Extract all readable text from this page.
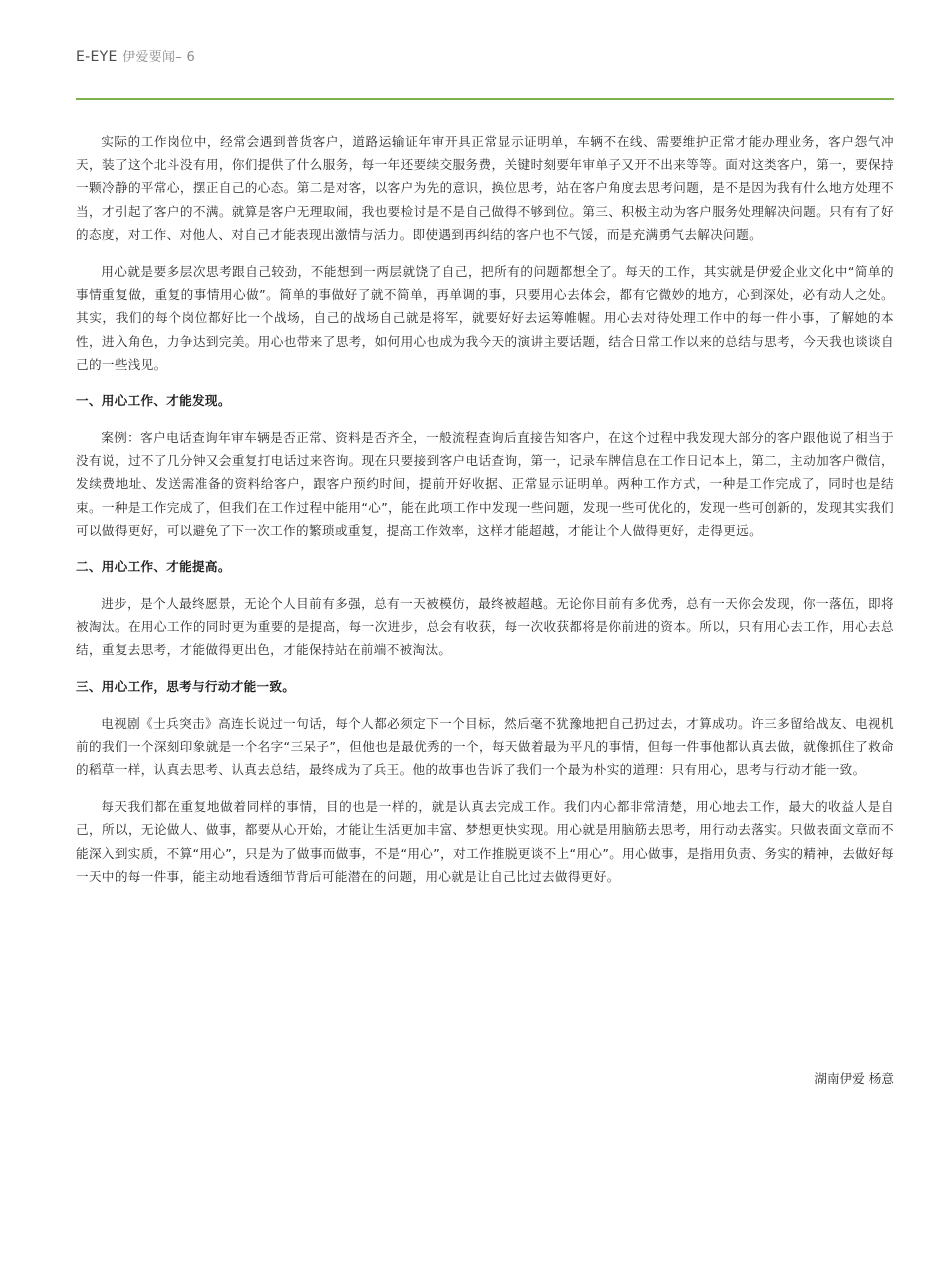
E-EYE 伊爱要闻– 6

实际的工作岗位中，经常会遇到普货客户，道路运输证年审开具正常显示证明单，车辆不在线、需要维护正常才能办理业务，客户怨气冲天，装了这个北斗没有用，你们提供了什么服务，每一年还要续交服务费，关键时刻要年审单子又开不出来等等。面对这类客户，第一，要保持一颗冷静的平常心，摆正自己的心态。第二是对客，以客户为先的意识，换位思考，站在客户角度去思考问题，是不是因为我有什么地方处理不当，才引起了客户的不满。就算是客户无理取闹，我也要检讨是不是自己做得不够到位。第三、积极主动为客户服务处理解决问题。只有有了好的态度，对工作、对他人、对自己才能表现出激情与活力。即使遇到再纠结的客户也不气馁，而是充满勇气去解决问题。

用心就是要多层次思考跟自己较劲，不能想到一两层就饶了自己，把所有的问题都想全了。每天的工作，其实就是伊爱企业文化中“简单的事情重复做，重复的事情用心做”。简单的事做好了就不简单，再单调的事，只要用心去体会，都有它微妙的地方，心到深处，必有动人之处。其实，我们的每个岗位都好比一个战场，自己的战场自己就是将军，就要好好去运筹帷幄。用心去对待处理工作中的每一件小事，了解她的本性，进入角色，力争达到完美。用心也带来了思考，如何用心也成为我今天的演讲主要话题，结合日常工作以来的总结与思考，今天我也谈谈自己的一些浅见。

一、用心工作、才能发现。

案例：客户电话查询年审车辆是否正常、资料是否齐全，一般流程查询后直接告知客户，在这个过程中我发现大部分的客户跟他说了相当于没有说，过不了几分钟又会重复打电话过来咨询。现在只要接到客户电话查询，第一，记录车牌信息在工作日记本上，第二，主动加客户微信，发续费地址、发送需准备的资料给客户，跟客户预约时间，提前开好收据、正常显示证明单。两种工作方式，一种是工作完成了，同时也是结束。一种是工作完成了，但我们在工作过程中能用“心”，能在此项工作中发现一些问题，发现一些可优化的，发现一些可创新的，发现其实我们可以做得更好，可以避免了下一次工作的繁琐或重复，提高工作效率，这样才能超越，才能让个人做得更好，走得更远。

二、用心工作、才能提高。

进步，是个人最终愿景，无论个人目前有多强，总有一天被模仿，最终被超越。无论你目前有多优秀，总有一天你会发现，你一落伍，即将被淘汰。在用心工作的同时更为重要的是提高，每一次进步，总会有收获，每一次收获都将是你前进的资本。所以，只有用心去工作，用心去总结，重复去思考，才能做得更出色，才能保持站在前端不被淘汰。

三、用心工作，思考与行动才能一致。

电视剧《士兵突击》高连长说过一句话，每个人都必须定下一个目标，然后毫不犹豫地把自己扔过去，才算成功。许三多留给战友、电视机前的我们一个深刻印象就是一个名字“三呆子”，但他也是最优秀的一个，每天做着最为平凡的事情，但每一件事他都认真去做，就像抓住了救命的稻草一样，认真去思考、认真去总结，最终成为了兵王。他的故事也告诉了我们一个最为朴实的道理：只有用心，思考与行动才能一致。

每天我们都在重复地做着同样的事情，目的也是一样的，就是认真去完成工作。我们内心都非常清楚，用心地去工作，最大的收益人是自己，所以，无论做人、做事，都要从心开始，才能让生活更加丰富、梦想更快实现。用心就是用脑筋去思考，用行动去落实。只做表面文章而不能深入到实质，不算“用心”，只是为了做事而做事，不是“用心”，对工作推脱更谈不上“用心”。用心做事，是指用负责、务实的精神，去做好每一天中的每一件事，能主动地看透细节背后可能潜在的问题，用心就是让自己比过去做得更好。

湖南伊爱 杨意
